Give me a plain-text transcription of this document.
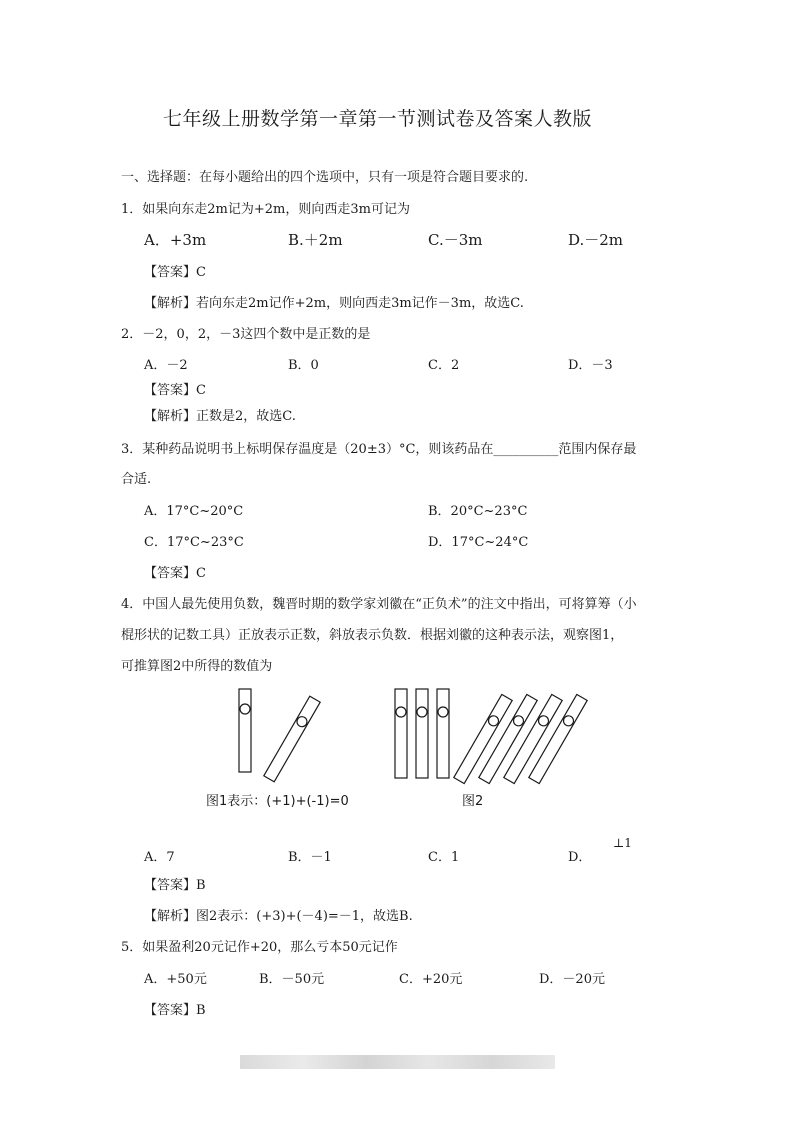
七年级上册数学第一章第一节测试卷及答案人教版
一、选择题：在每小题给出的四个选项中，只有一项是符合题目要求的.
1．如果向东走2m记为+2m，则向西走3m可记为
A．+3m	B.＋2m	C.－3m	D.－2m
【答案】C
【解析】若向东走2m记作+2m，则向西走3m记作－3m，故选C.
2．－2，0，2，－3这四个数中是正数的是
A．－2	B．0	C．2	D．－3
【答案】C
【解析】正数是2，故选C.
3．某种药品说明书上标明保存温度是（20±3）°C，则该药品在__________范围内保存最
合适.
A．17°C~20°C	B．20°C~23°C
C．17°C~23°C	D．17°C~24°C
【答案】C
4．中国人最先使用负数，魏晋时期的数学家刘徽在“正负术”的注文中指出，可将算筹（小
棍形状的记数工具）正放表示正数，斜放表示负数．根据刘徽的这种表示法，观察图1，
可推算图2中所得的数值为
图1表示：(+1)+(-1)=0	图2
A．7	B．－1	C．1	D．
⊥1
【答案】B
【解析】图2表示：(+3)+(－4)=－1，故选B.
5．如果盈利20元记作+20，那么亏本50元记作
A．+50元	B．－50元	C．+20元	D．－20元
【答案】B
